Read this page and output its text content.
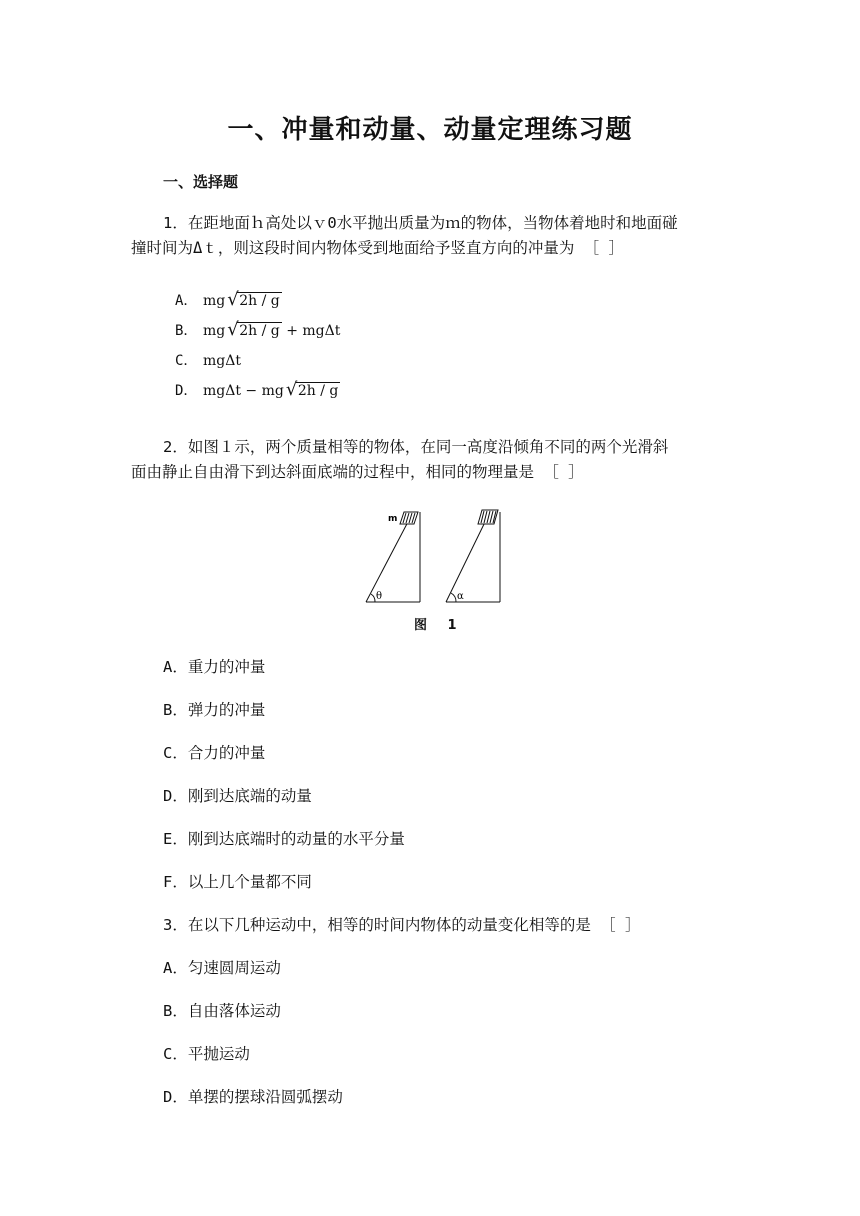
一、冲量和动量、动量定理练习题
一、选择题
1．在距地面ｈ高处以ｖ0水平抛出质量为ｍ的物体，当物体着地时和地面碰
撞时间为Δｔ，则这段时间内物体受到地面给予竖直方向的冲量为 ［ ］
A． mg √ 2h / g
B． mg √ 2h / g + mgΔt
C． mgΔt
D． mgΔt − mg √ 2h / g
2．如图１示，两个质量相等的物体，在同一高度沿倾角不同的两个光滑斜
面由静止自由滑下到达斜面底端的过程中，相同的物理量是 ［ ］
m
θ	α
图 1
A．重力的冲量
B．弹力的冲量
C．合力的冲量
D．刚到达底端的动量
E．刚到达底端时的动量的水平分量
F．以上几个量都不同
3．在以下几种运动中，相等的时间内物体的动量变化相等的是 ［ ］
A．匀速圆周运动
B．自由落体运动
C．平抛运动
D．单摆的摆球沿圆弧摆动
